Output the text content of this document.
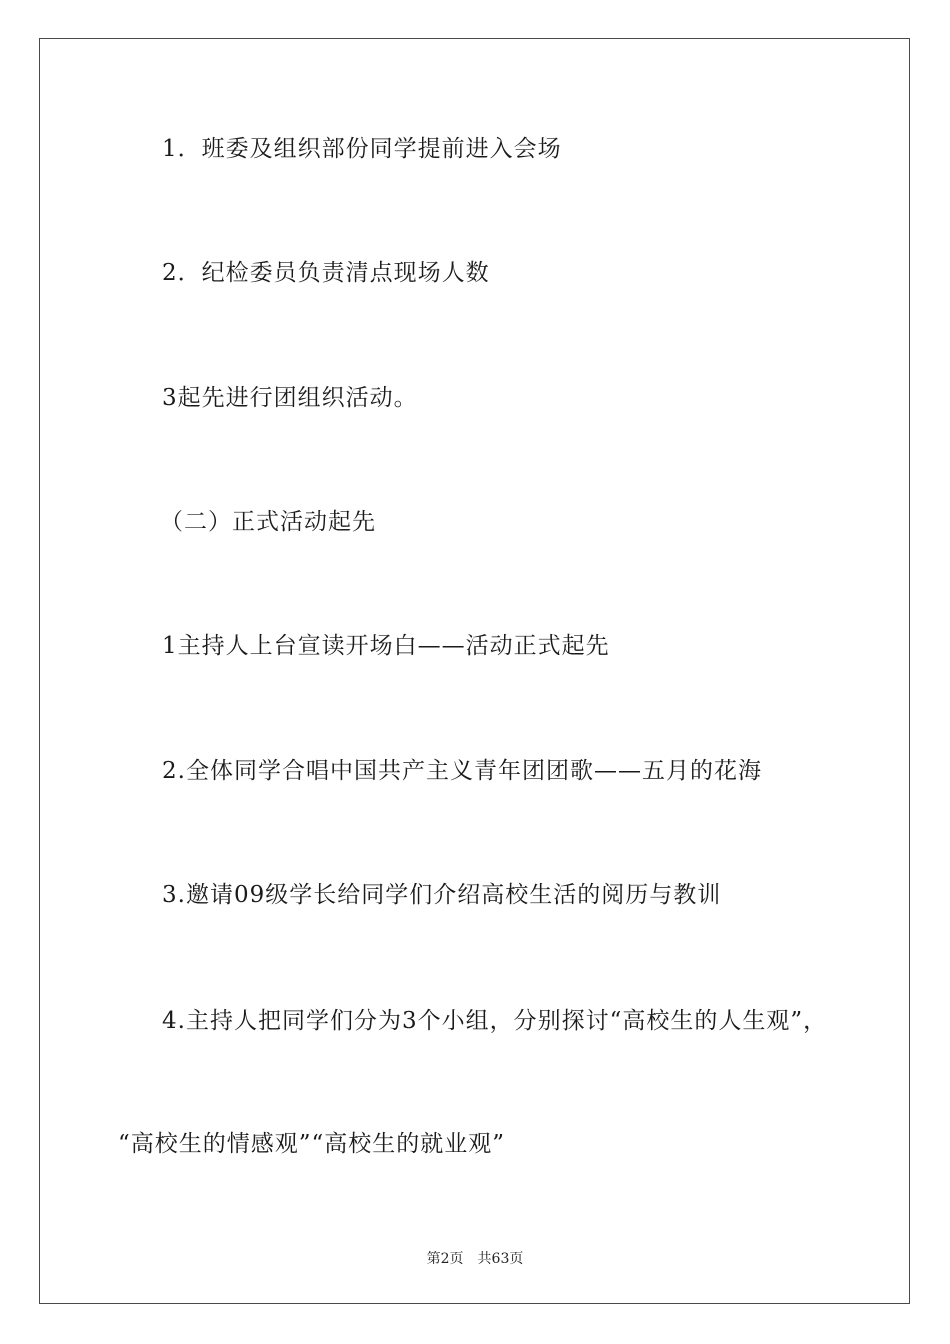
1．班委及组织部份同学提前进入会场
2．纪检委员负责清点现场人数
3起先进行团组织活动。
（二）正式活动起先
1主持人上台宣读开场白——活动正式起先
2.全体同学合唱中国共产主义青年团团歌——五月的花海
3.邀请09级学长给同学们介绍高校生活的阅历与教训
4.主持人把同学们分为3个小组，分别探讨“高校生的人生观”，
“高校生的情感观”“高校生的就业观”
第2页 共63页
